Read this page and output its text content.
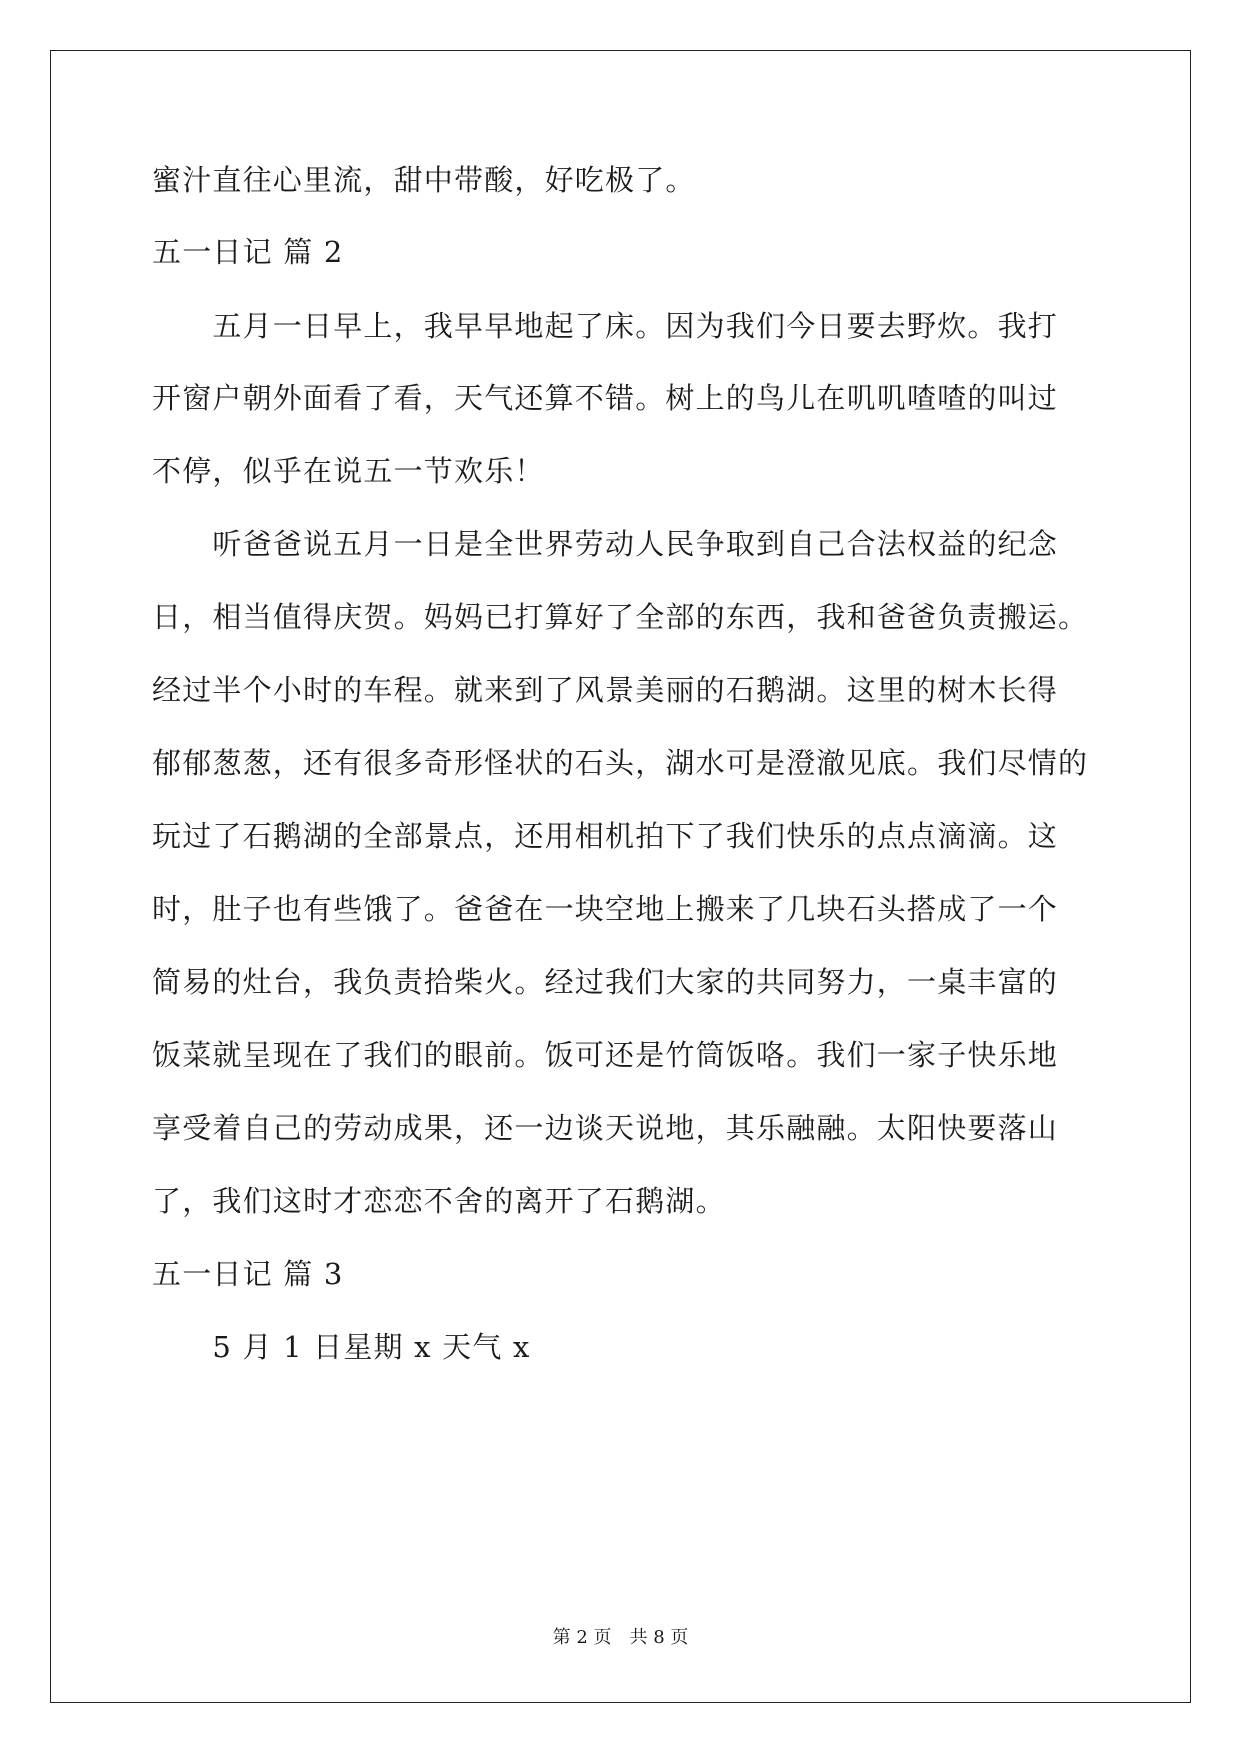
蜜汁直往心里流，甜中带酸，好吃极了。
五一日记 篇 2
　　五月一日早上，我早早地起了床。因为我们今日要去野炊。我打
开窗户朝外面看了看，天气还算不错。树上的鸟儿在叽叽喳喳的叫过
不停，似乎在说五一节欢乐！
　　听爸爸说五月一日是全世界劳动人民争取到自己合法权益的纪念
日，相当值得庆贺。妈妈已打算好了全部的东西，我和爸爸负责搬运。
经过半个小时的车程。就来到了风景美丽的石鹅湖。这里的树木长得
郁郁葱葱，还有很多奇形怪状的石头，湖水可是澄澈见底。我们尽情的
玩过了石鹅湖的全部景点，还用相机拍下了我们快乐的点点滴滴。这
时，肚子也有些饿了。爸爸在一块空地上搬来了几块石头搭成了一个
简易的灶台，我负责拾柴火。经过我们大家的共同努力，一桌丰富的
饭菜就呈现在了我们的眼前。饭可还是竹筒饭咯。我们一家子快乐地
享受着自己的劳动成果，还一边谈天说地，其乐融融。太阳快要落山
了，我们这时才恋恋不舍的离开了石鹅湖。
五一日记 篇 3
　　5 月 1 日星期 x 天气 x
第 2 页　共 8 页
